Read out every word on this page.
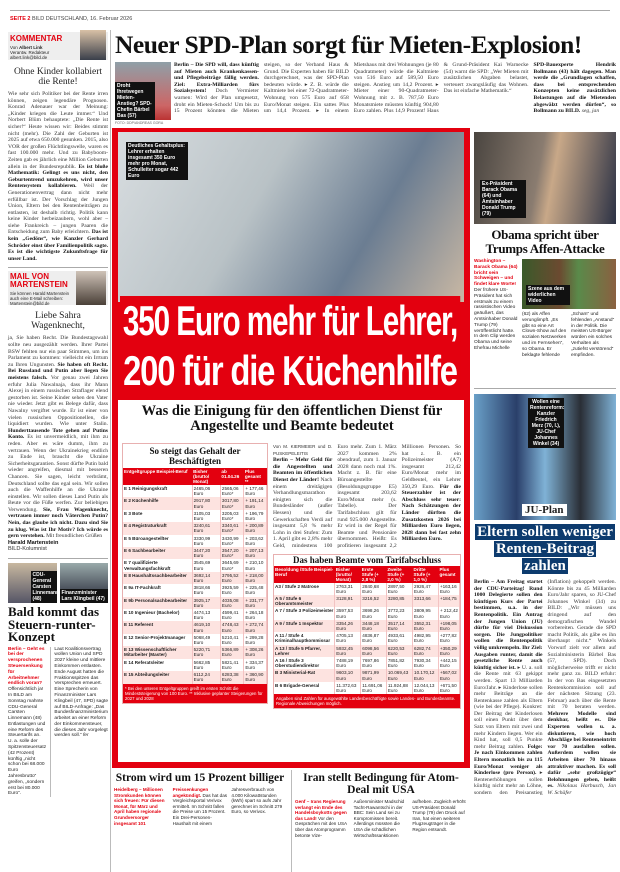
SEITE 2 BILD DEUTSCHLAND, 16. Februar 2026
KOMMENTAR
Von Albert Link
Verantw. Redakteur
albert.link@bild.de
Ohne Kinder kollabiert die Rente!
Wie sehr sich Politiker bei der Rente irren können, zeigen legendäre Prognosen. Konrad Adenauer war der Meinung: „Kinder kriegen die Leute immer.“ Und Norbert Blüm behauptete: „Die Rente ist sicher!“ Heute wissen wir: Beides stimmt nicht (mehr). Die Zahl der Geburten ist 2025 auf etwa 650.000 gesunken. 2015, also VOR der großen Flüchtlingswelle, waren es fast 100.000 mehr. Und zu Babyboom-Zeiten gab es jährlich eine Million Geburten allein in der Bundesrepublik. Es ist bloße Mathematik: Gelingt es uns nicht, den Geburtentrend umzukehren, wird unser Rentensystem kollabieren. Weil der Generationenvertrag dann nicht mehr erfüllbar ist. Der Vorschlag der Jungen Union, Eltern bei den Rentenbeiträgen zu entlasten, ist deshalb richtig. Politik kann keine Kinder herbeizaubern, wohl aber – siehe Frankreich – jungen Paaren die Entscheidung zum Baby erleichtern. Das ist kein „Gedöns“, wie Kanzler Gerhard Schröder einst über Familienpolitik sagte. Es ist die wichtigste Zukunftsfrage für unser Land.
MAIL VON MARTENSTEIN
Sie können Harald Martenstein auch eine E-Mail schreiben: Martenstein@bild.de
Liebe Sahra Wagenknecht,
ja, Sie haben Recht. Die Bundestagswahl sollte neu ausgezählt werden. Ihrer Partei BSW fehlten nur ein paar Stimmen, um ins Parlament zu kommen: vielleicht ein Irrtum zu Ihren Ungunsten. Sie haben oft Recht. Bei Russland und Putin aber liegen Sie meistens falsch. Vor genau zwei Jahren erfuhr Julia Nawalnaja, dass ihr Mann Alexej in einem russischen Straflager elend gestorben ist. Seine Kinder sehen den Vater nie wieder. Jetzt gibt es Belege dafür, dass Nawalny vergiftet wurde. Er ist einer von vielen russischen Oppositionellen, die liquidiert wurden. Wie unter Stalin. Hunderttausende Tote gehen auf Putins Konto. Es ist unvermeidlich, mit ihm zu reden. Aber es wäre dumm, ihm zu vertrauen. Wenn der Ukrainekrieg endlich zu Ende ist, braucht die Ukraine Sicherheitsgarantien. Sonst dürfte Putin bald wieder angreifen, diesmal mit besseren Chancen. Sie sagen, leicht verbrämt, Deutschland sollte das egal sein. Wir sollen auch die Waffenhilfe an die Ukraine einstellen. Wir sollen dieses Land Putin als Beute vor die Füße werfen. Zur beliebigen Verwendung. Sie, Frau Wagenknecht, vertrauen immer noch Väterchen Putin? Nein, das glaube ich nicht. Dazu sind Sie zu klug. Was ist Ihr Motiv? Ich würde es gern verstehen. Mit freundlichen Grüßen
Harald Martenstein
BILD-Kolumnist
CDU-General Carsten Linnemann (48)
Finanzminister Lars Klingbeil (47)
Bald kommt das Steuern-runter-Konzept
Berlin – Geht es bei der versprochenen Steuersenkung für Arbeitnehmer endlich voran? Offensichtlich ja! In BILD am Sonntag mahnte CDU-General Carsten Linnemann (48) Entlastungen und eine Reform des Steuertarifs an. U. a. solle der Spitzensteuersatz (42 Prozent) künftig „nicht schon bei 68.000 Euro Jahresbrutto“ greifen, „sondern erst bei 80.000 Euro“.
Laut Koalitionsvertrag wollen Union und SPD 2027 kleine und mittlere Einkommen entlasten. Ende August hatten die Fraktionsspitzen das Versprechen erneuert. Eine Sprecherin von Finanzminister Lars Klingbeil (47, SPD) sagte auf BILD-Anfrage: „Das Bundesfinanzministerium arbeitet an einer Reform der Einkommensteuer, die dieses Jahr vorgelegt werden soll.“ fer
Neuer SPD-Plan sorgt für Mieten-Explosion!
Droht Ihretwegen Mieten-Anstieg? SPD-Chefin Bärbel Bas (57)
FOTO: DDP/ANDREAS GORA
Berlin – Die SPD will, dass künftig auf Mieten auch Krankenkassen- und Pflegebeiträge fällig werden. Ziel: Extra-Milliarden fürs Sozialsystem! Doch Vermieter warnen: Wird der Plan umgesetzt, droht ein Mieten-Schock! Um bis zu 15 Prozent könnten die Mieten steigen, so der Verband Haus & Grund. Die Experten haben für BILD durchgerechnet, was der SPD-Plan bedeuten würde. ▸ Z. B. würde die Kaltmiete bei einer 72-Quadratmeter-Wohnung von 575 Euro auf 658 Euro/Monat steigen. Ein sattes Plus um 14,4 Prozent. ▸ In einem Mietshaus mit drei Wohnungen (je 80 Quadratmeter) würde die Kaltmiete von 516 Euro auf 589,50 Euro steigen. Anstieg um 14,2 Prozent. ▸ Mieter einer 90-Quadratmeter-Wohnung mit z. B. 787,50 Euro Monatsmiete müssten künftig 904,80 Euro zahlen. Plus 14,9 Prozent! Haus & Grund-Präsident Kai Warnecke (54) warnt die SPD: „Wer Mieten mit zusätzlichen Abgaben belastet, verteuert zwangsläufig das Wohnen. Das ist einfache Mathematik.“
SPD-Bauexperte Hendrik Bollmann (43) hält dagegen. Man werde die „Grundlagen schaffen, dass bei entsprechenden Konzepten keine zusätzlichen Belastungen auf die Mietenden abgewälzt werden dürfen“, so Bollmann zu BILD. seg, jan
Deutliches Gehaltsplus: Lehrer erhalten insgesamt 350 Euro mehr pro Monat, Schulleiter sogar 442 Euro
350 Euro mehr für Lehrer,
200 für die Küchenhilfe
Was die Einigung für den öffentlichen Dienst für Angestellte und Beamte bedeutet
So steigt das Gehalt der Beschäftigten
Entgeltgruppe Beispiel-Beruf	Bisher (brutto/ Monat)	ab 01.04.26	Plus gesamt **
E 1 Reinigungskraft	2465,06 Euro	2565,06 Euro*	+ 177,46 Euro
E 2 Küchenhilfe	2917,80 Euro	3017,80 Euro*	+ 191,14 Euro
E 3 Bote	3105,03 Euro	3205,03 Euro*	+ 196,79 Euro
E 4 Registraturkraft	3240,61 Euro	3340,61 Euro*	+ 200,89 Euro
E 5 Büroangestellter	3330,99 Euro	3430,99 Euro*	+ 203,62 Euro
E 6 Sachbearbeiter	3447,20 Euro	3547,20 Euro*	+ 207,13 Euro
E 7 qualifizierte Verwaltungsfachkraft	3545,69 Euro	3645,69 Euro*	+ 210,10 Euro
E 8 Haushaltssachbearbeiter	3692,14 Euro	3795,52 Euro	+ 218,00 Euro
E 9a IT-Fachkraft	3818,66 Euro	3925,59 Euro	+ 225,48 Euro
E 9b Personalsachbearbeiter	3925,17 Euro	4035,08 Euro	+ 231,77 Euro
E 10 Ingenieur (Bachelor)	4474,13 Euro	4599,41 Euro	+ 264,18 Euro
E 11 Referent	4619,10 Euro	4748,43 Euro	+ 272,74 Euro
E 12 Senior-Projektmanager	5068,49 Euro	5210,41 Euro	+ 299,28 Euro
E 13 Wissenschaftlicher Mitarbeiter (Master)	5220,71 Euro	5366,89 Euro	+ 308,26 Euro
E 14 Referatsleiter	5662,85 Euro	5821,41 Euro	+ 334,37 Euro
E 15 Abteilungsleiter	6112,24 Euro	6283,38 Euro	+ 360,90 Euro
* Bei den unteren Entgeltgruppen greift im ersten Schritt die Mindeststeigerung von 100 Euro. ** Inklusive geplanter Steigerungen für 2027 und 2028
Von M. KIERMEIER und D. PUSKEPELEITIS
Berlin – Mehr Geld für die Angestellten und Beamten im öffentlichen Dienst der Länder! Nach einem dreitägigen Verhandlungsmarathon einigten sich die Bundesländer (außer Hessen) und die Gewerkschaften Verdi auf insgesamt 5,8 % mehr Lohn in drei Stufen: Zum 1. April gibt es 2,8% mehr Geld, mindestens 100 Euro mehr. Zum 1. März 2027 kommen 2% obendrauf, zum 1. Januar 2028 dann noch mal 1%. Macht z. B. für eine Büroangestellte (Besoldungsgruppe E5) insgesamt 203,62 Euro/Monat mehr (s. Tabelle).	Der Tarifabschluss gilt für rund 925.000 Angestellte. Er wird in der Regel für Beamte und Pensionäre übernommen. Heißt: Es profitieren insgesamt 2,2 Millionen Personen. So hat z. B. ein Polizeimeister (A7) insgesamt 212,42 Euro/Monat mehr im Geldbeutel, ein Lehrer 350,29 Euro. Für die Steuerzahler ist der Abschluss sehr teuer: Nach Schätzungen der Länder dürften die Zusatzkosten 2026 bei Milliarden Euro liegen, 2028 dann bei fast zehn Milliarden Euro.
Das haben Beamte vom Tarifabschluss
Besoldung /Stufe Beispiel-Beruf	Bisher (brutto/ Monat)	Erste Stufe (+ 2,8 %)	Zweite Stufe (+ 2,0 %)	Dritte Stufe (+ 1,0 %)	Plus gesamt
A3 / Stufe 2 Matrose	2763,31 Euro	2840,68 Euro	2897,50 Euro	2926,47 Euro	+163,16 Euro
A 5 / Stufe 6 Oberamtsmeister	3128,91	3216,52	3280,85	3313,66	+184,75
A 7 / Stufe 3 Polizeimeister	3597,53 Euro	3698,26 Euro	3772,23 Euro	3809,95 Euro	+ 212,42 Euro
A 9 / Stufe 1 Inspektor	3354,26 Euro	3448,18 Euro	3517,14 Euro	3552,31 Euro	+198,05 Euro
A 11 / Stufe 4 Kriminalhauptkommissar	4705,13 Euro	4836,87 Euro	4933,61 Euro	4982,95 Euro	+277,82 Euro
A 13 / Stufe 5 Pfarrer, Lehrer	5932,45 Euro	6098,56 Euro	6220,53 Euro	6282,74 Euro	+350,29 Euro
A 16 / Stufe 3 Oberstudiendirektor	7488,19 Euro	7697,86 Euro	7851,82 Euro	7930,34 Euro	+442,15 Euro
B 3 Ministerial-Rat	9603,10 Euro	9871,99 Euro	10.069,43 Euro	10.170,12 Euro	+567,02 Euro
B 6 Brigade-General	11.372,63 Euro	11.691,06 Euro	11.924,88 Euro	12.044,13 Euro	+671,50 Euro
Angaben sind Zahlen für ausgewählte Landesbeschäftigte sowie Landes- und Bundesbeamte. Regionale Abweichungen möglich.
Strom wird um 15 Prozent billiger
Heidelberg – Millionen Stromkunden können sich freuen: Für diesen Monat, für März und April haben regionale Grundversorger insgesamt 101 Preissenkungen angekündigt. Das hat das Vergleichsportal Verivox ermittelt. Im Schnitt fallen die Preise um 15 Prozent. Ein Drei-Personen-Haushalt mit einem Jahresverbrauch von 4.000 Kilowattstunden (kWh) spart so aufs Jahr gerechnet im Schnitt 279 Euro, so Verivox.
Iran stellt Bedingung für Atom-Deal mit USA
Genf – Irans Regierung verlangt ein Ende des Handelsboykotts gegen das Land! Vor den Gesprächen mit den USA über das Atomprogramm betonte Vize-Außenminister Madschid Tacht-Rawantschi in der BBC: Sein Land sei zu Kompromissen bereit. Allerdings müssten die USA die schädlichen Wirtschaftssanktionen aufheben. Zugleich erhöht US-Präsident Donald Trump (79) den Druck auf Iran, hat einen weiteren Flugzeugträger in die Region entsandt.
Ex-Präsident Barack Obama (64) und Amtsinhaber Donald Trump (79)
Obama spricht über Trumps Affen-Attacke
Washington – Barack Obama (64) bricht sein Schweigen – und findet klare Worte! Der frühere US-Präsident hat sich erstmals zu einem rassistischen Video geäußert, das Amtsinhaber Donald Trump (79) veröffentlicht hatte. In dem Clip werden Obama und seine Ehefrau Michelle
Szene aus dem widerlichen Video
(62) als Affen verunglimpft. „Es gibt so eine Art Clown-Show auf den sozialen Netzwerken und im Fernsehen“, so Obama. Er beklagte fehlende
„Scham“ und fehlenden „Anstand“ in der Politik. Die meisten US-Bürger würden ein solches Verhalten als „zutiefst verstörend“ empfinden.
Wollen eine Rentenreform: Kanzler Friedrich Merz (70, l.), JU-Chef Johannes Winkel (34)
JU-Plan
Eltern sollen weniger Renten-Beitrag zahlen
Berlin – Am Freitag startet der CDU-Parteitag! Rund 1000 Delegierte sollen den künftigen Kurs der Partei bestimmen, u.a. in der Rentenpolitik. Ein Antrag der Jungen Union (JU) dürfte für viel Diskussion sorgen. Die Jungpolitiker wollen die Rentenpolitik völlig umkrempeln. Ihr Ziel: Ausgaben runter, damit die gesetzliche Rente auch künftig sicher ist. ▸ U. a. soll die Rente mit 63 gekippt werden. Spart 13 Milliarden Euro/Jahr. ▸ Kinderlose sollen mehr Beiträge an die Rentenkasse zahlen als Eltern (wie bei der Pflege). Konkret: Der Beitrag der Kinderlosen soll einen Punkt über dem Satz von Eltern mit zwei und mehr Kindern liegen. Wer ein Kind hat, soll 0,5 Punkte mehr Beitrag zahlen. Folge: Je nach Einkommen zahlen Eltern monatlich bis zu 115 Euro/Monat weniger als Kinderlose (pro Person). ▸ Rentenerhöhungen sollen künftig nicht mehr an Löhne, sondern den Preisanstieg (Inflation) gekoppelt werden. Könnte bis zu 45 Milliarden Euro/Jahr sparen, so JU-Chef Johannes Winkel (34) zu BILD: „Wir müssen uns dringend auf den demografischen Wandel vorbereiten. Gerade die SPD macht Politik, als gäbe es ihn überhaupt nicht.“ Winkels Vorwurf zielt vor allem auf Sozialministerin Bärbel Bas (57, SPD). Doch möglicherweise trifft er nicht mehr ganz zu. BILD erfuhr: In der von Bas eingesetzten Rentenkommission soll auf der nächsten Sitzung (23. Februar) auch über die Rente mit 70 beraten werden. Mehrere Modelle sind denkbar, heißt es. Die Experten wollen u. a. diskutieren, wie hoch Abschläge bei Renteneintritt vor 70 ausfallen sollen. Außerdem wollen sie Arbeiten über 70 hinaus attraktiver machen. Es soll dafür „sehr großzügige“ Belohnungen geben, heißt es. Nikolaus Harbusch, Jan W. Schäfer
